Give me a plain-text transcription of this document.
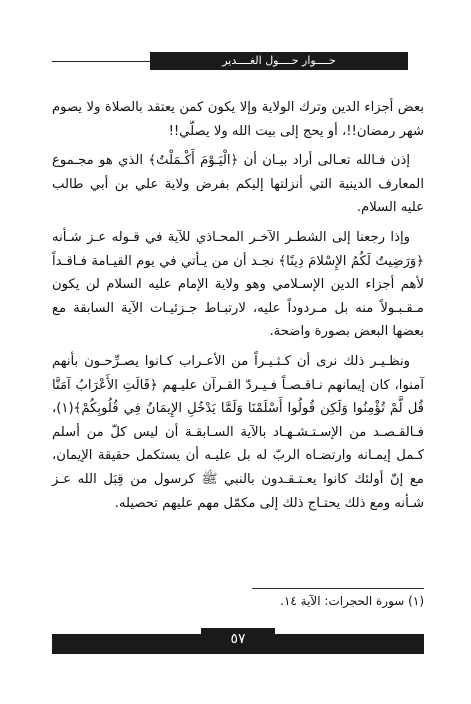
حــــوار حــــول الغــــدير

بعض أجزاء الدين وترك الولاية وإلا يكون كمن يعتقد بالصلاة ولا يصوم شهر رمضان!!، أو يحج إلى بيت الله ولا يصلّي!!

إذن فـالله تعـالى أراد بيـان أن ﴿الْيَـوْمَ أَكْـمَلْتُ﴾ الذي هو مجـموع المعارف الدينية التي أنزلتها إليكم بفرض ولاية علي بن أبي طالب عليه السلام.

وإذا رجعنا إلى الشطـر الآخـر المحـاذي للآية في قـوله عـز شـأنه ﴿وَرَضِيتُ لَكُمُ الإِسْلامَ دِينًا﴾ نجـد أن من يـأتي في يوم القيـامة فـاقـداً لأهم أجزاء الدين الإسـلامي وهو ولاية الإمام عليه السلام لن يكون مـقـبـولاً منه بل مـردوداً عليه، لارتبـاط جـزئيـات الآية السابقة مع بعضها البعض بصورة واضحة.

ونظـيـر ذلك نرى أن كـثـيـراً من الأعـراب كـانوا يصـرِّحـون بأنهم آمنوا، كان إيمانهم نـاقـصـاً فـيـردّ القـرآن عليـهم ﴿قَالَتِ الأَعْرَابُ آمَنَّا قُل لَّمْ تُؤْمِنُوا وَلَكِن قُولُوا أَسْلَمْنَا وَلَمَّا يَدْخُلِ الإِيمَانُ فِي قُلُوبِكُمْ﴾(١)، فـالقـصـد من الإسـتـشـهـاد بالآية السـابقـة أن ليس كلّ من أسلم كـمل إيمـانه وارتضـاه الربّ له بل عليـه أن يستكمل حقيقة الإيمان، مع إنّ أولئك كانوا يعـتـقـدون بالنبي ﷺ كرسول من قِبَل الله عـز شـأنه ومع ذلك يحتـاج ذلك إلى مكمّل مهم عليهم تحصيله.

(١) سورة الحجرات: الآية ١٤.
٥٧
